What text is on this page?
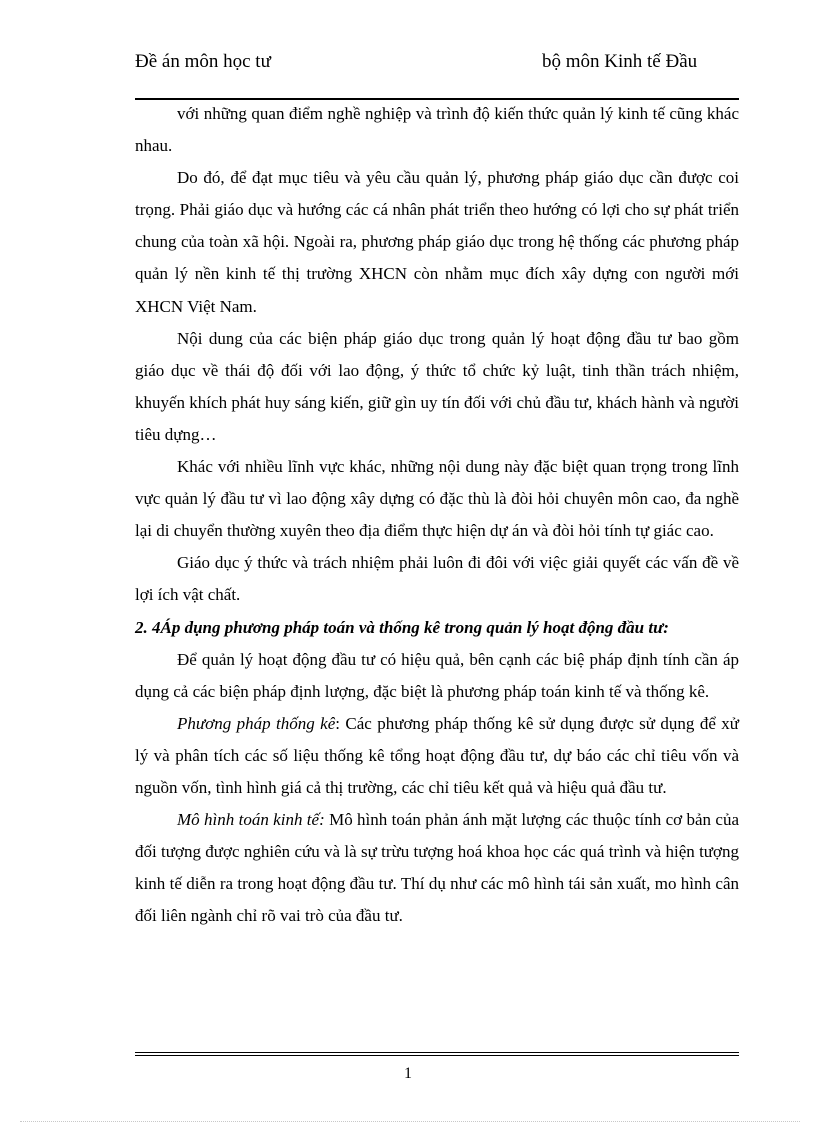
Đề án môn học tư	bộ môn Kinh tế Đầu

với những quan điểm nghề nghiệp và trình độ kiến thức quản lý kinh tế cũng khác nhau.

Do đó, để đạt mục tiêu và yêu cầu quản lý, phương pháp giáo dục cần được coi trọng. Phải giáo dục và hướng các cá nhân phát triển theo hướng có lợi cho sự phát triển chung của toàn xã hội. Ngoài ra, phương pháp giáo dục trong hệ thống các phương pháp quản lý nền kinh tế thị trường XHCN còn nhằm mục đích xây dựng con người mới XHCN Việt Nam.

Nội dung của các biện pháp giáo dục trong quản lý hoạt động đầu tư bao gồm giáo dục về thái độ đối với lao động, ý thức tổ chức kỷ luật, tinh thần trách nhiệm, khuyến khích phát huy sáng kiến, giữ gìn uy tín đối với chủ đầu tư, khách hành và người tiêu dựng…

Khác với nhiều lĩnh vực khác, những nội dung này đặc biệt quan trọng trong lĩnh vực quản lý đầu tư vì lao động xây dựng có đặc thù là đòi hỏi chuyên môn cao, đa nghề lại di chuyển thường xuyên theo địa điểm thực hiện dự án và đòi hỏi tính tự giác cao.

Giáo dục ý thức và trách nhiệm phải luôn đi đôi với việc giải quyết các vấn đề về lợi ích vật chất.

2. 4Áp dụng phương pháp toán và thống kê trong quản lý hoạt động đầu tư:

Để quản lý hoạt động đầu tư có hiệu quả, bên cạnh các biệ pháp định tính cần áp dụng cả các biện pháp định lượng, đặc biệt là phương pháp toán kinh tế và thống kê.

Phương pháp thống kê: Các phương pháp thống kê sử dụng được sử dụng để xử lý và phân tích các số liệu thống kê tổng hoạt động đầu tư, dự báo các chỉ tiêu vốn và nguồn vốn, tình hình giá cả thị trường, các chỉ tiêu kết quả và hiệu quả đầu tư.

Mô hình toán kinh tế: Mô hình toán phản ánh mặt lượng các thuộc tính cơ bản của đối tượng được nghiên cứu và là sự trừu tượng hoá khoa học các quá trình và hiện tượng kinh tế diễn ra trong hoạt động đầu tư. Thí dụ như các mô hình tái sản xuất, mo hình cân đối liên ngành chỉ rõ vai trò của đầu tư.

1
